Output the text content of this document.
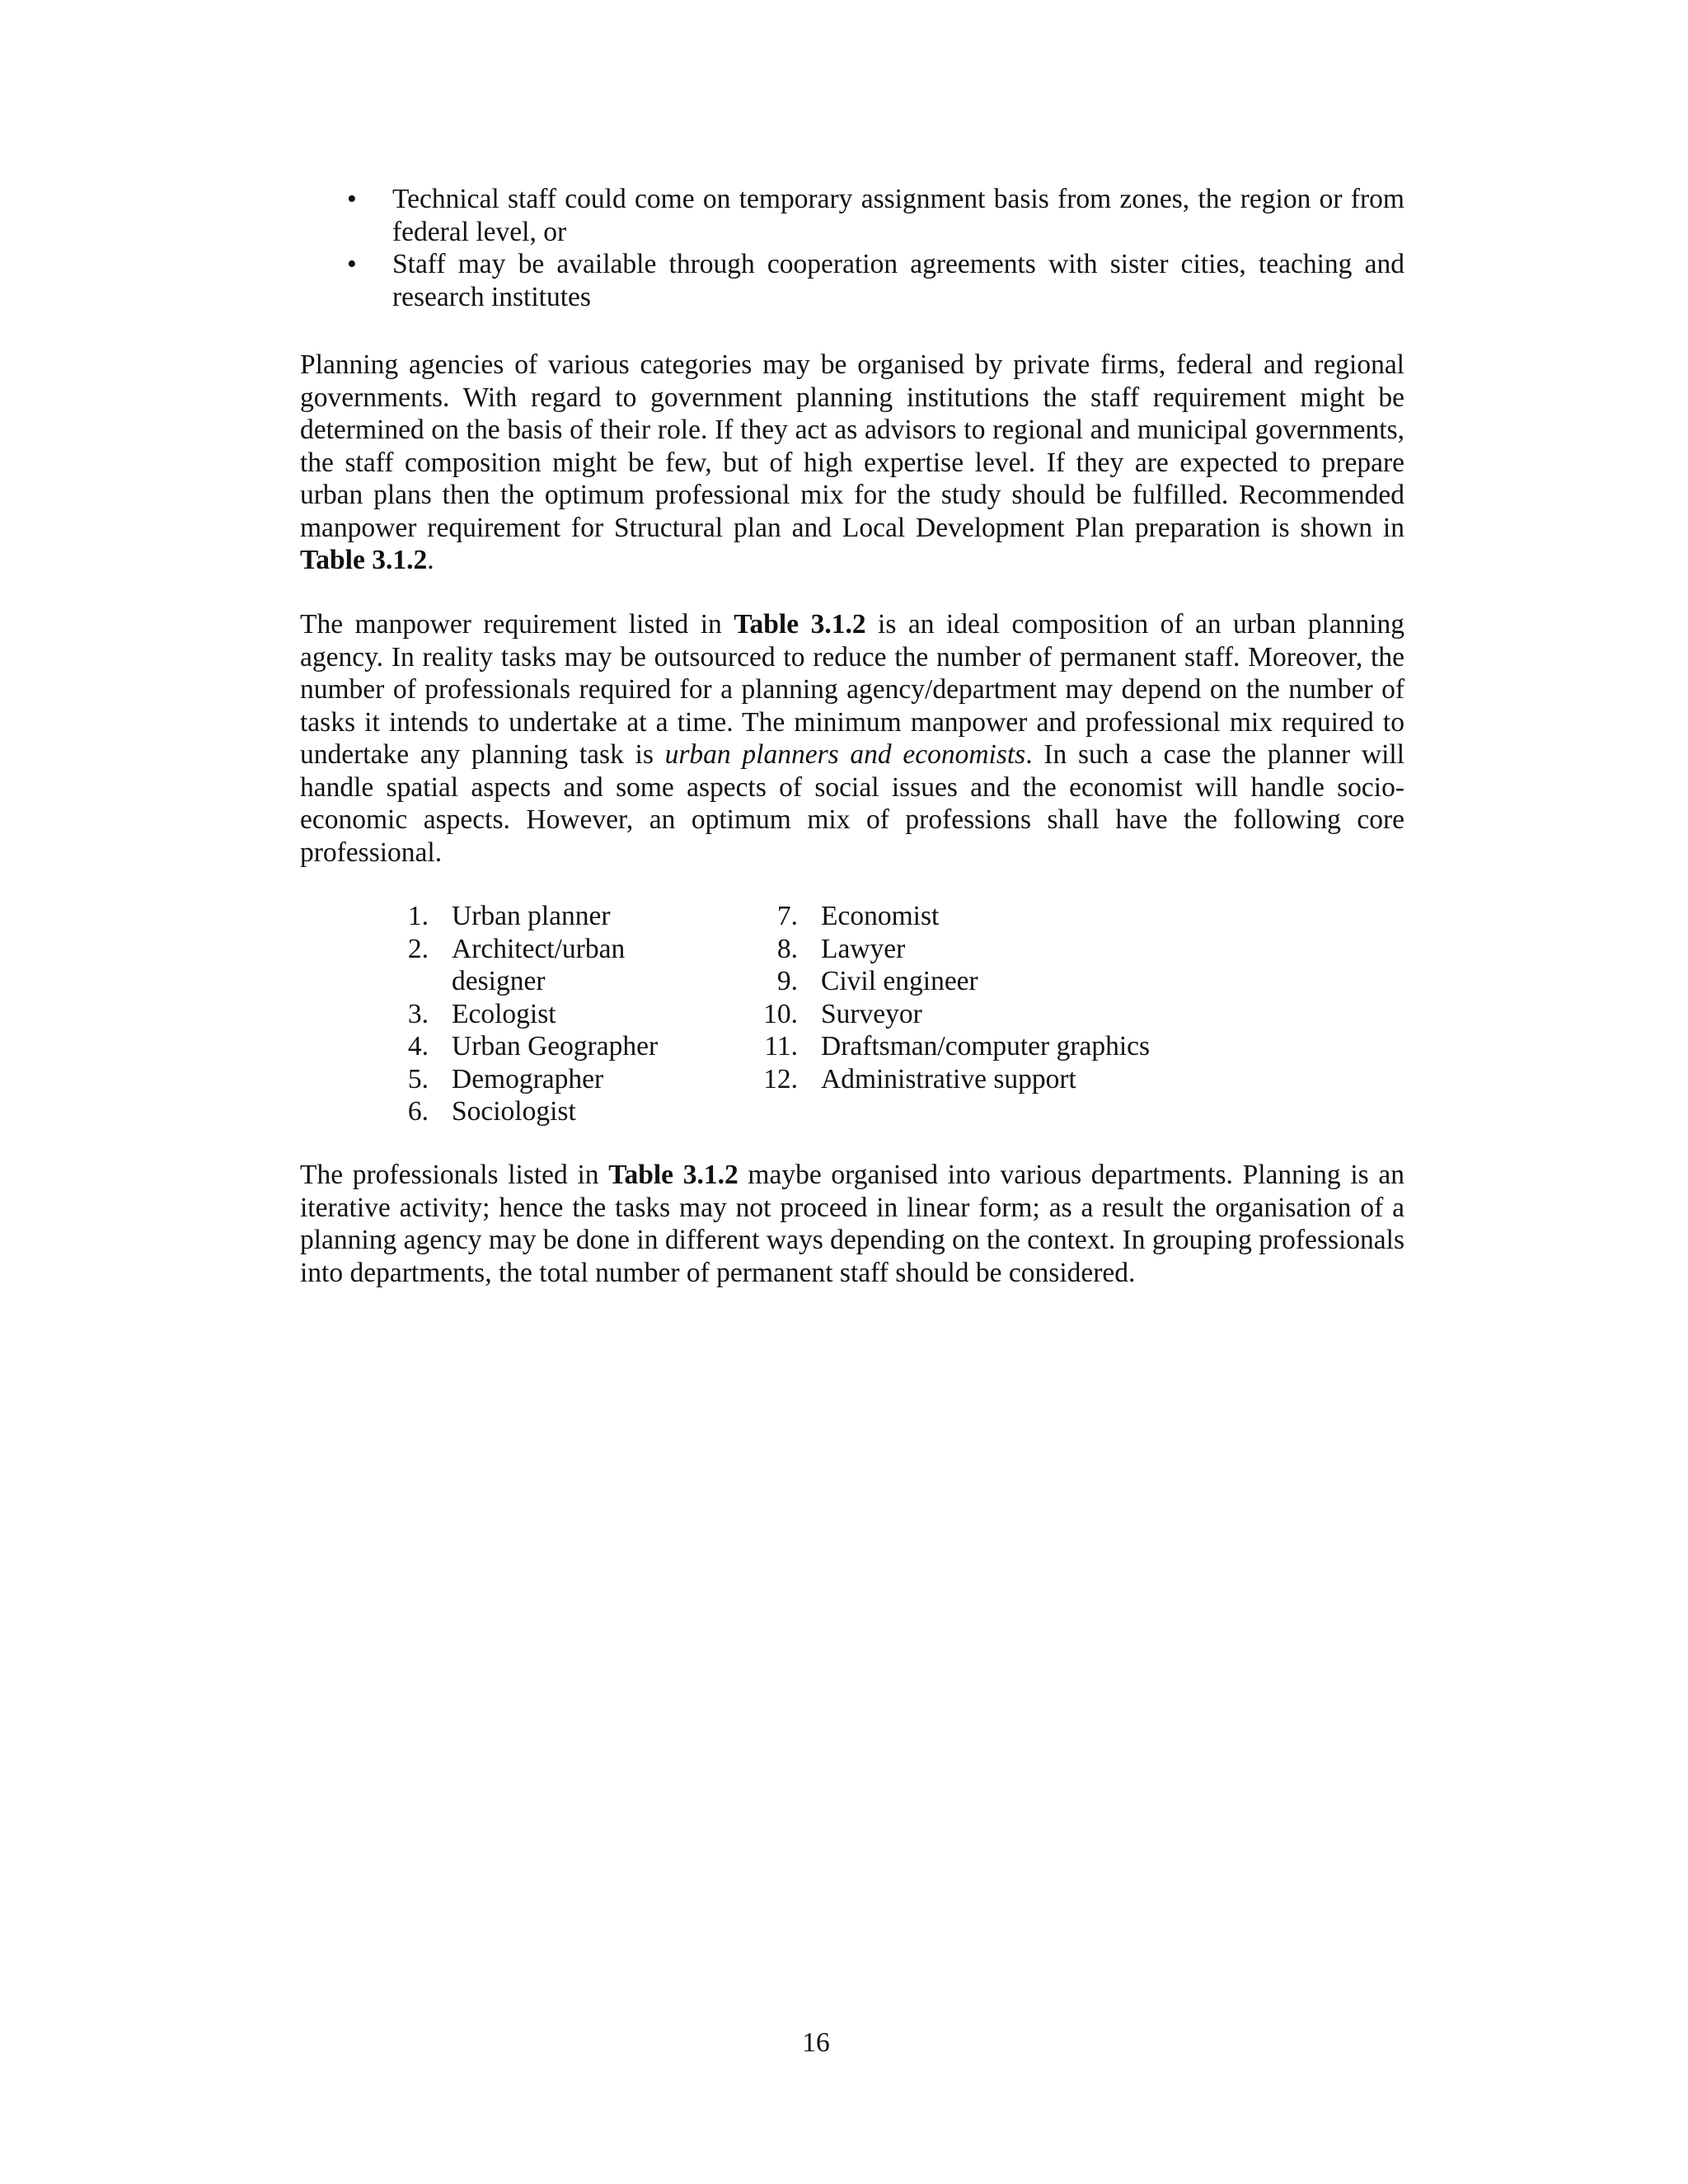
• Technical staff could come on temporary assignment basis from zones, the region or from federal level, or
• Staff may be available through cooperation agreements with sister cities, teaching and research institutes

Planning agencies of various categories may be organised by private firms, federal and regional governments. With regard to government planning institutions the staff requirement might be determined on the basis of their role. If they act as advisors to regional and municipal governments, the staff composition might be few, but of high expertise level. If they are expected to prepare urban plans then the optimum professional mix for the study should be fulfilled. Recommended manpower requirement for Structural plan and Local Development Plan preparation is shown in Table 3.1.2.

The manpower requirement listed in Table 3.1.2 is an ideal composition of an urban planning agency. In reality tasks may be outsourced to reduce the number of permanent staff. Moreover, the number of professionals required for a planning agency/department may depend on the number of tasks it intends to undertake at a time. The minimum manpower and professional mix required to undertake any planning task is urban planners and economists. In such a case the planner will handle spatial aspects and some aspects of social issues and the economist will handle socio-economic aspects. However, an optimum mix of professions shall have the following core professional.

1. Urban planner
2. Architect/urban designer
3. Ecologist
4. Urban Geographer
5. Demographer
6. Sociologist
7. Economist
8. Lawyer
9. Civil engineer
10. Surveyor
11. Draftsman/computer graphics
12. Administrative support

The professionals listed in Table 3.1.2 maybe organised into various departments. Planning is an iterative activity; hence the tasks may not proceed in linear form; as a result the organisation of a planning agency may be done in different ways depending on the context. In grouping professionals into departments, the total number of permanent staff should be considered.

16
